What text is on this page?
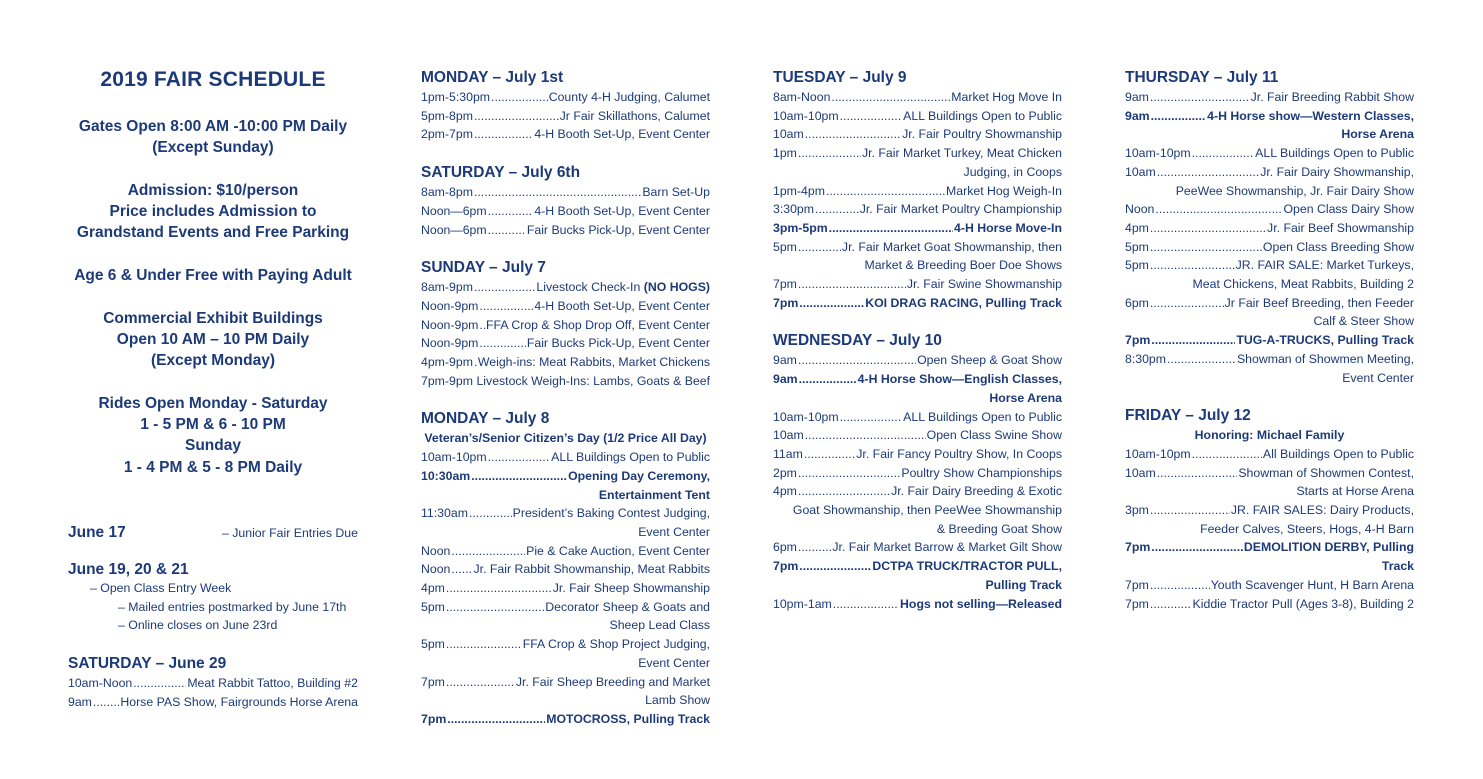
2019 FAIR SCHEDULE
Gates Open 8:00 AM -10:00 PM Daily
(Except Sunday)
Admission: $10/person
Price includes Admission to
Grandstand Events and Free Parking
Age 6 & Under Free with Paying Adult
Commercial Exhibit Buildings
Open 10 AM – 10 PM Daily
(Except Monday)
Rides Open Monday - Saturday
1 - 5 PM & 6 - 10 PM
Sunday
1 - 4 PM & 5 - 8 PM Daily
June 17	– Junior Fair Entries Due
June 19, 20 & 21
– Open Class Entry Week
– Mailed entries postmarked by June 17th
– Online closes on June 23rd
SATURDAY – June 29
10am-Noon .....	Meat Rabbit Tattoo, Building #2
9am ..... Horse PAS Show, Fairgrounds Horse Arena
MONDAY – July 1st
1pm-5:30pm .....	County 4-H Judging, Calumet
5pm-8pm .....	Jr Fair Skillathons, Calumet
2pm-7pm .....	4-H Booth Set-Up, Event Center
SATURDAY – July 6th
8am-8pm .....	Barn Set-Up
Noon—6pm .....	4-H Booth Set-Up, Event Center
Noon—6pm .....	Fair Bucks Pick-Up, Event Center
SUNDAY – July 7
8am-9pm .....	Livestock Check-In (NO HOGS)
Noon-9pm .....	4-H Booth Set-Up, Event Center
Noon-9pm ..... FFA Crop & Shop Drop Off, Event Center
Noon-9pm .....	Fair Bucks Pick-Up, Event Center
4pm-9pm ..... Weigh-ins: Meat Rabbits, Market Chickens
7pm-9pm ..... Livestock Weigh-Ins: Lambs, Goats & Beef
MONDAY – July 8
Veteran’s/Senior Citizen’s Day (1/2 Price All Day)
10am-10pm .....	ALL Buildings Open to Public
10:30am .....	Opening Day Ceremony,
Entertainment Tent
11:30am .....	President’s Baking Contest Judging,
Event Center
Noon .....	Pie & Cake Auction, Event Center
Noon ..... Jr. Fair Rabbit Showmanship, Meat Rabbits
4pm .....	Jr. Fair Sheep Showmanship
5pm .....	Decorator Sheep & Goats and
Sheep Lead Class
5pm .....	FFA Crop & Shop Project Judging,
Event Center
7pm .....	Jr. Fair Sheep Breeding and Market
Lamb Show
7pm .....	MOTOCROSS, Pulling Track
TUESDAY – July 9
8am-Noon .....	Market Hog Move In
10am-10pm .....	ALL Buildings Open to Public
10am .....	Jr. Fair Poultry Showmanship
1pm .....	Jr. Fair Market Turkey, Meat Chicken
Judging, in Coops
1pm-4pm .....	Market Hog Weigh-In
3:30pm .....	Jr. Fair Market Poultry Championship
3pm-5pm .....	4-H Horse Move-In
5pm .....	Jr. Fair Market Goat Showmanship, then
Market & Breeding Boer Doe Shows
7pm .....	Jr. Fair Swine Showmanship
7pm .....	KOI DRAG RACING, Pulling Track
WEDNESDAY – July 10
9am .....	Open Sheep & Goat Show
9am .....	4-H Horse Show—English Classes,
Horse Arena
10am-10pm .....	ALL Buildings Open to Public
10am .....	Open Class Swine Show
11am .....	Jr. Fair Fancy Poultry Show, In Coops
2pm .....	Poultry Show Championships
4pm .....	Jr. Fair Dairy Breeding & Exotic
Goat Showmanship, then PeeWee Showmanship
& Breeding Goat Show
6pm .....	Jr. Fair Market Barrow & Market Gilt Show
7pm .....	DCTPA TRUCK/TRACTOR PULL,
Pulling Track
10pm-1am .....	Hogs not selling—Released
THURSDAY – July 11
9am .....	Jr. Fair Breeding Rabbit Show
9am .....	4-H Horse show—Western Classes,
Horse Arena
10am-10pm .....	ALL Buildings Open to Public
10am .....	Jr. Fair Dairy Showmanship,
PeeWee Showmanship, Jr. Fair Dairy Show
Noon .....	Open Class Dairy Show
4pm .....	Jr. Fair Beef Showmanship
5pm .....	Open Class Breeding Show
5pm .....	JR. FAIR SALE: Market Turkeys,
Meat Chickens, Meat Rabbits, Building 2
6pm .....	Jr Fair Beef Breeding, then Feeder
Calf & Steer Show
7pm .....	TUG-A-TRUCKS, Pulling Track
8:30pm .....	Showman of Showmen Meeting,
Event Center
FRIDAY – July 12
Honoring: Michael Family
10am-10pm .....	All Buildings Open to Public
10am .....	Showman of Showmen Contest,
Starts at Horse Arena
3pm .....	JR. FAIR SALES: Dairy Products,
Feeder Calves, Steers, Hogs, 4-H Barn
7pm .....	DEMOLITION DERBY, Pulling
Track
7pm .....	Youth Scavenger Hunt, H Barn Arena
7pm .....	Kiddie Tractor Pull (Ages 3-8), Building 2
